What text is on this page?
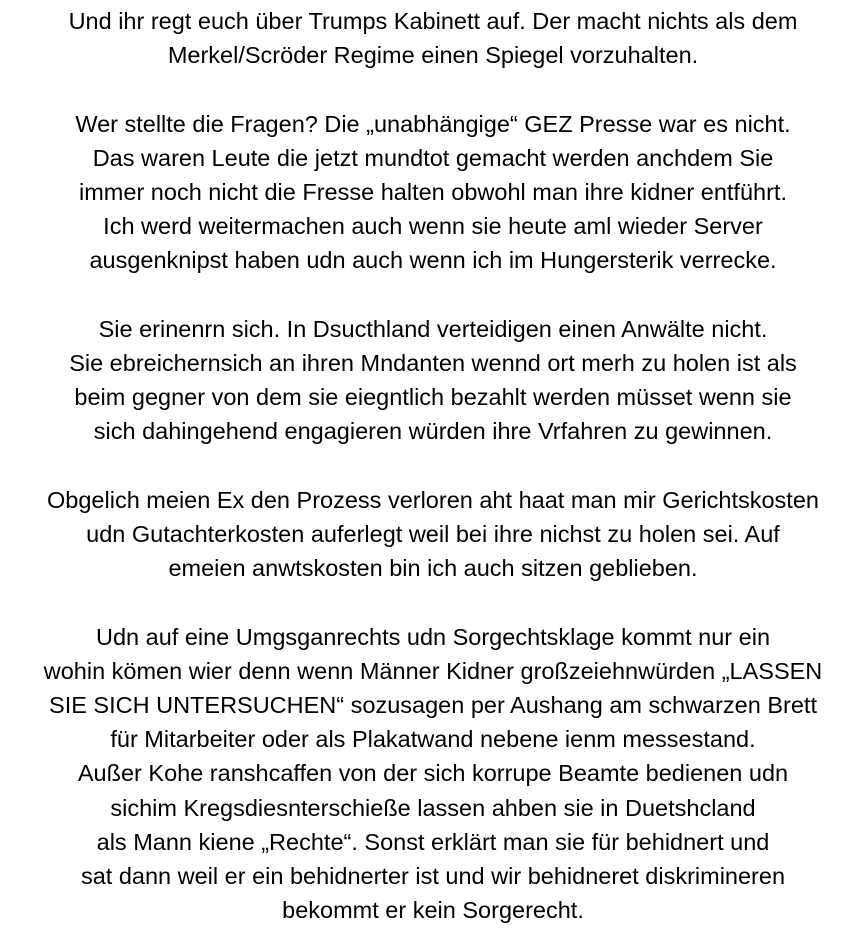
Und ihr regt euch über Trumps Kabinett auf. Der macht nichts als dem
Merkel/Scröder Regime einen Spiegel vorzuhalten.

Wer stellte die Fragen? Die „unabhängige“ GEZ Presse war es nicht.
Das waren Leute die jetzt mundtot gemacht werden anchdem Sie
immer noch nicht die Fresse halten obwohl man ihre kidner entführt.
Ich werd weitermachen auch wenn sie heute aml wieder Server
ausgenknipst haben udn auch wenn ich im Hungersterik verrecke.

Sie erinenrn sich. In Dsucthland verteidigen einen Anwälte nicht.
Sie ebreichernsich an ihren Mndanten wennd ort merh zu holen ist als
beim gegner von dem sie eiegntlich bezahlt werden müsset wenn sie
sich dahingehend engagieren würden ihre Vrfahren zu gewinnen.

Obgelich meien Ex den Prozess verloren aht haat man mir Gerichtskosten
udn Gutachterkosten auferlegt weil bei ihre nichst zu holen sei. Auf
emeien anwtskosten bin ich auch sitzen geblieben.

Udn auf eine Umgsganrechts udn Sorgechtsklage kommt nur ein
wohin kömen wier denn wenn Männer Kidner großzeiehnwürden „LASSEN
SIE SICH UNTERSUCHEN“ sozusagen per Aushang am schwarzen Brett
für Mitarbeiter oder als Plakatwand nebene ienm messestand.
Außer Kohe ranshcaffen von der sich korrupe Beamte bedienen udn
sichim Kregsdiesnterschieße lassen ahben sie in Duetshcland
als Mann kiene „Rechte“. Sonst erklärt man sie für behidnert und
sat dann weil er ein behidnerter ist und wir behidneret diskrimineren
bekommt er kein Sorgerecht.
